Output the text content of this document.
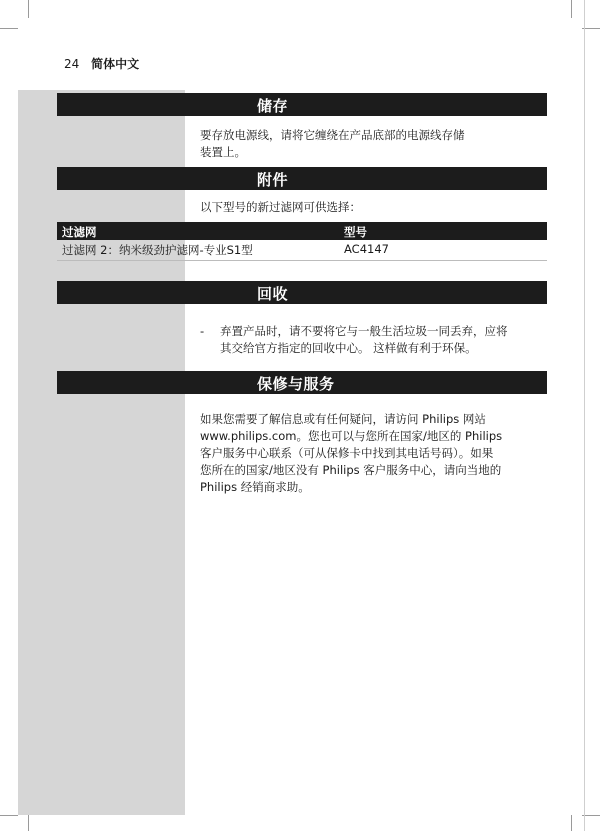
24 简体中文
储存
要存放电源线，请将它缠绕在产品底部的电源线存储
装置上。
附件
以下型号的新过滤网可供选择：
过滤网	型号
过滤网 2：纳米级劲护滤网-专业S1型	AC4147
回收
- 弃置产品时，请不要将它与一般生活垃圾一同丢弃，应将
其交给官方指定的回收中心。 这样做有利于环保。
保修与服务
如果您需要了解信息或有任何疑问，请访问 Philips 网站
www.philips.com。您也可以与您所在国家/地区的 Philips
客户服务中心联系（可从保修卡中找到其电话号码）。如果
您所在的国家/地区没有 Philips 客户服务中心，请向当地的
Philips 经销商求助。
